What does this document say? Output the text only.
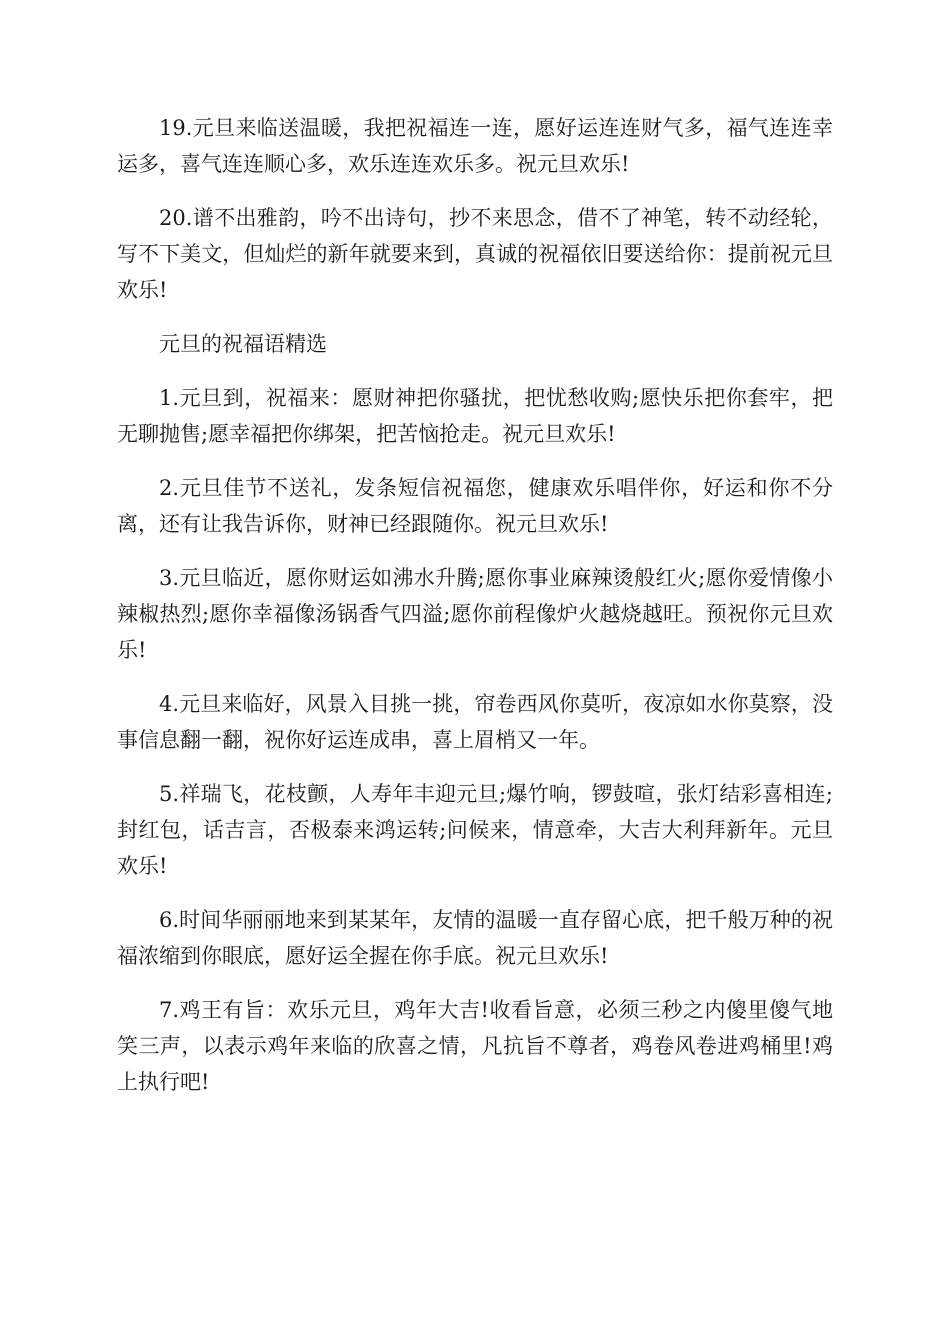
19.元旦来临送温暖，我把祝福连一连，愿好运连连财气多，福气连连幸运多，喜气连连顺心多，欢乐连连欢乐多。祝元旦欢乐!

20.谱不出雅韵，吟不出诗句，抄不来思念，借不了神笔，转不动经轮，写不下美文，但灿烂的新年就要来到，真诚的祝福依旧要送给你：提前祝元旦欢乐!

元旦的祝福语精选

1.元旦到，祝福来：愿财神把你骚扰，把忧愁收购;愿快乐把你套牢，把无聊抛售;愿幸福把你绑架，把苦恼抢走。祝元旦欢乐!

2.元旦佳节不送礼，发条短信祝福您，健康欢乐唱伴你，好运和你不分离，还有让我告诉你，财神已经跟随你。祝元旦欢乐!

3.元旦临近，愿你财运如沸水升腾;愿你事业麻辣烫般红火;愿你爱情像小辣椒热烈;愿你幸福像汤锅香气四溢;愿你前程像炉火越烧越旺。预祝你元旦欢乐!

4.元旦来临好，风景入目挑一挑，帘卷西风你莫听，夜凉如水你莫察，没事信息翻一翻，祝你好运连成串，喜上眉梢又一年。

5.祥瑞飞，花枝颤，人寿年丰迎元旦;爆竹响，锣鼓喧，张灯结彩喜相连;封红包，话吉言，否极泰来鸿运转;问候来，情意牵，大吉大利拜新年。元旦欢乐!

6.时间华丽丽地来到某某年，友情的温暖一直存留心底，把千般万种的祝福浓缩到你眼底，愿好运全握在你手底。祝元旦欢乐!

7.鸡王有旨：欢乐元旦，鸡年大吉!收看旨意，必须三秒之内傻里傻气地笑三声，以表示鸡年来临的欣喜之情，凡抗旨不尊者，鸡卷风卷进鸡桶里!鸡上执行吧!
